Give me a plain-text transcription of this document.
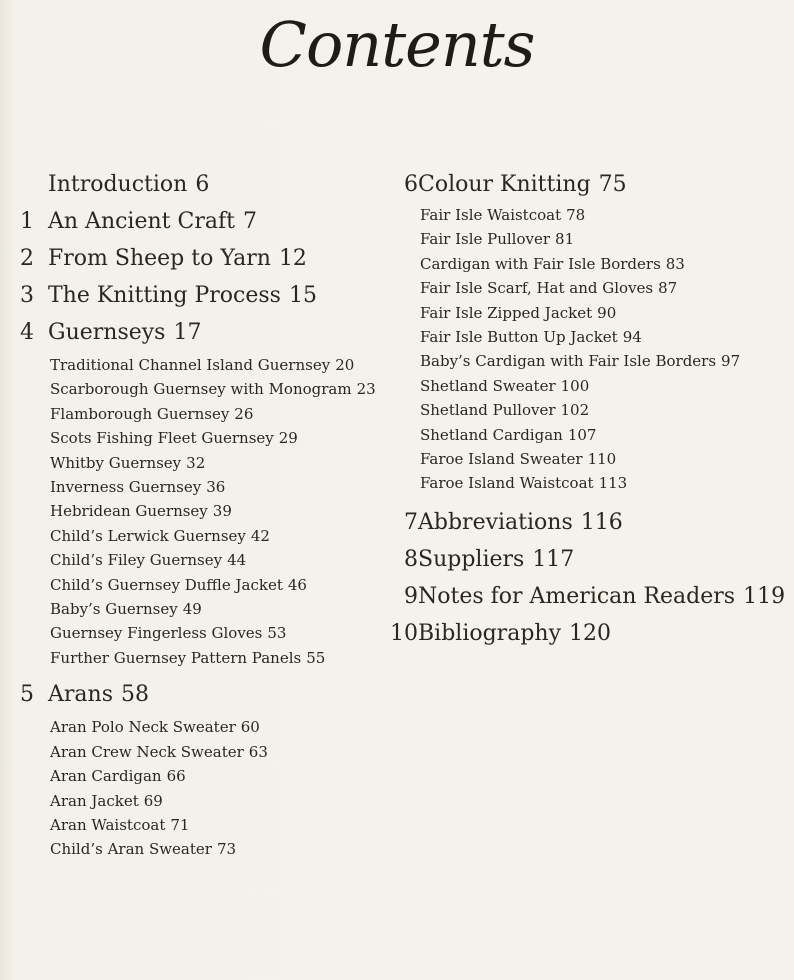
Contents
Introduction 6
1 An Ancient Craft 7
2 From Sheep to Yarn 12
3 The Knitting Process 15
4 Guernseys 17
Traditional Channel Island Guernsey 20
Scarborough Guernsey with Monogram 23
Flamborough Guernsey 26
Scots Fishing Fleet Guernsey 29
Whitby Guernsey 32
Inverness Guernsey 36
Hebridean Guernsey 39
Child’s Lerwick Guernsey 42
Child’s Filey Guernsey 44
Child’s Guernsey Duffle Jacket 46
Baby’s Guernsey 49
Guernsey Fingerless Gloves 53
Further Guernsey Pattern Panels 55
5 Arans 58
Aran Polo Neck Sweater 60
Aran Crew Neck Sweater 63
Aran Cardigan 66
Aran Jacket 69
Aran Waistcoat 71
Child’s Aran Sweater 73
6 Colour Knitting 75
Fair Isle Waistcoat 78
Fair Isle Pullover 81
Cardigan with Fair Isle Borders 83
Fair Isle Scarf, Hat and Gloves 87
Fair Isle Zipped Jacket 90
Fair Isle Button Up Jacket 94
Baby’s Cardigan with Fair Isle Borders 97
Shetland Sweater 100
Shetland Pullover 102
Shetland Cardigan 107
Faroe Island Sweater 110
Faroe Island Waistcoat 113
7 Abbreviations 116
8 Suppliers 117
9 Notes for American Readers 119
10 Bibliography 120
